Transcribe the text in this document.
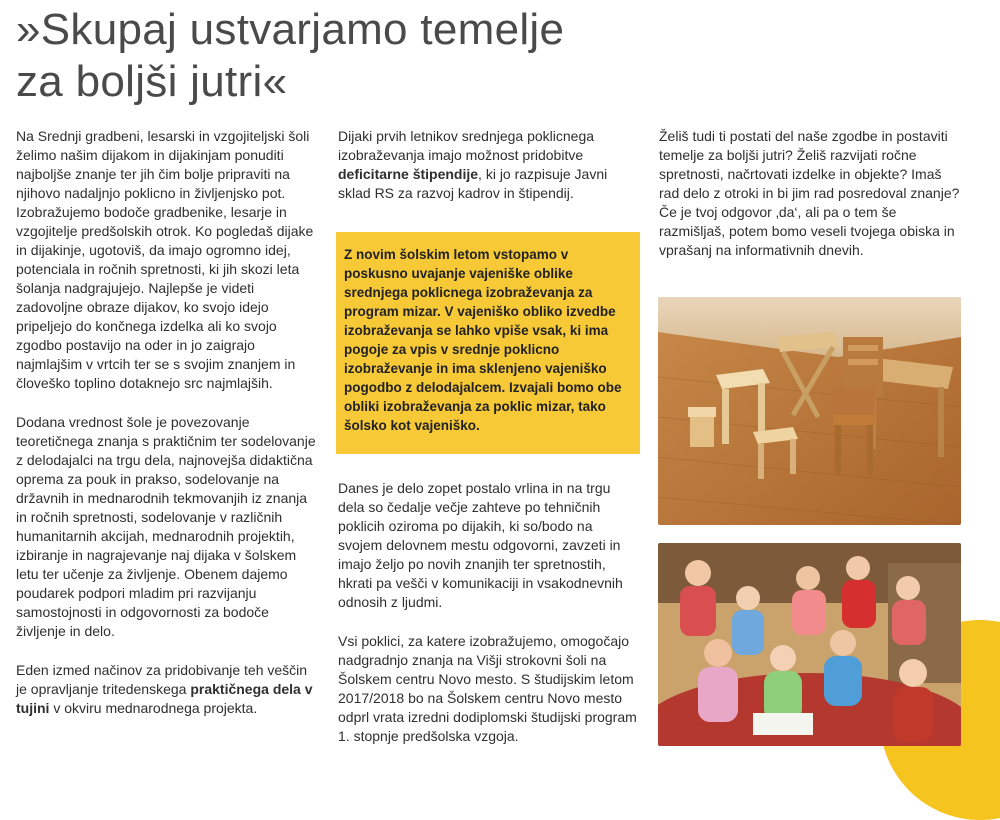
»Skupaj ustvarjamo temelje
za boljši jutri«

Na Srednji gradbeni, lesarski in vzgojiteljski šoli želimo našim dijakom in dijakinjam ponuditi najboljše znanje ter jih čim bolje pripraviti na njihovo nadaljnjo poklicno in življenjsko pot. Izobražujemo bodoče gradbenike, lesarje in vzgojitelje predšolskih otrok. Ko pogledaš dijake in dijakinje, ugotoviš, da imajo ogromno idej, potenciala in ročnih spretnosti, ki jih skozi leta šolanja nadgrajujejo. Najlepše je videti zadovoljne obraze dijakov, ko svojo idejo pripeljejo do končnega izdelka ali ko svojo zgodbo postavijo na oder in jo zaigrajo najmlajšim v vrtcih ter se s svojim znanjem in človeško toplino dotaknejo src najmlajših.

Dodana vrednost šole je povezovanje teoretičnega znanja s praktičnim ter sodelovanje z delodajalci na trgu dela, najnovejša didaktična oprema za pouk in prakso, sodelovanje na državnih in mednarodnih tekmovanjih iz znanja in ročnih spretnosti, sodelovanje v različnih humanitarnih akcijah, mednarodnih projektih, izbiranje in nagrajevanje naj dijaka v šolskem letu ter učenje za življenje. Obenem dajemo poudarek podpori mladim pri razvijanju samostojnosti in odgovornosti za bodoče življenje in delo.

Eden izmed načinov za pridobivanje teh veščin je opravljanje tritedenskega praktičnega dela v tujini v okviru mednarodnega projekta.

Dijaki prvih letnikov srednjega poklicnega izobraževanja imajo možnost pridobitve deficitarne štipendije, ki jo razpisuje Javni sklad RS za razvoj kadrov in štipendij.

Z novim šolskim letom vstopamo v poskusno uvajanje vajeniške oblike srednjega poklicnega izobraževanja za program mizar. V vajeniško obliko izvedbe izobraževanja se lahko vpiše vsak, ki ima pogoje za vpis v srednje poklicno izobraževanje in ima sklenjeno vajeniško pogodbo z delodajalcem. Izvajali bomo obe obliki izobraževanja za poklic mizar, tako šolsko kot vajeniško.

Danes je delo zopet postalo vrlina in na trgu dela so čedalje večje zahteve po tehničnih poklicih oziroma po dijakih, ki so/bodo na svojem delovnem mestu odgovorni, zavzeti in imajo željo po novih znanjih ter spretnostih, hkrati pa vešči v komunikaciji in vsakodnevnih odnosih z ljudmi.

Vsi poklici, za katere izobražujemo, omogočajo nadgradnjo znanja na Višji strokovni šoli na Šolskem centru Novo mesto. S študijskim letom 2017/2018 bo na Šolskem centru Novo mesto odprl vrata izredni dodiplomski študijski program 1. stopnje predšolska vzgoja.

Želiš tudi ti postati del naše zgodbe in postaviti temelje za boljši jutri? Želiš razvijati ročne spretnosti, načrtovati izdelke in objekte? Imaš rad delo z otroki in bi jim rad posredoval znanje? Če je tvoj odgovor ‚da‘, ali pa o tem še razmišljaš, potem bomo veseli tvojega obiska in vprašanj na informativnih dnevih.
